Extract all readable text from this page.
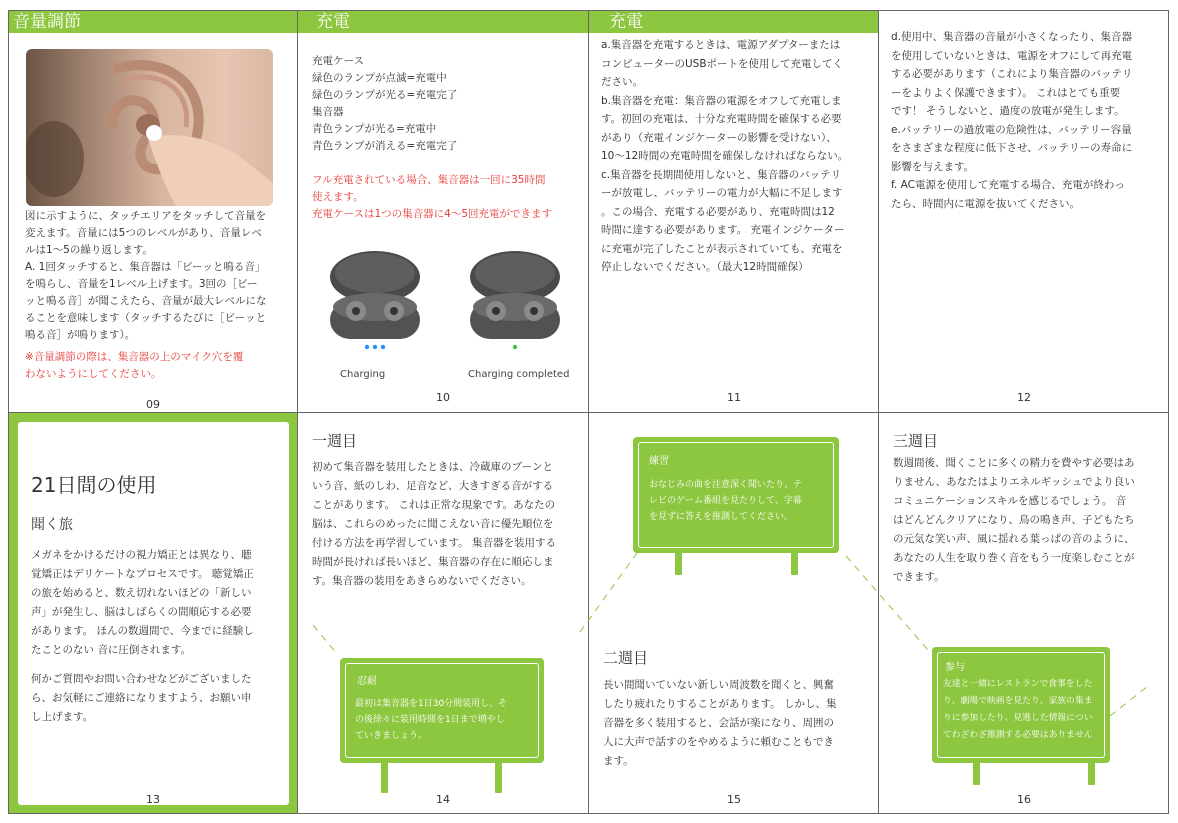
音量調節
図に示すように、タッチエリアをタッチして音量を
変えます。音量には5つのレベルがあり、音量レベ
ルは1～5の繰り返します。
A. 1回タッチすると、集音器は「ビーッと鳴る音」
を鳴らし、音量を1レベル上げます。3回の［ビー
ッと鳴る音］が聞こえたら、音量が最大レベルにな
ることを意味します（タッチするたびに［ビーッと
鳴る音］が鳴ります）。
※音量調節の際は、集音器の上のマイク穴を覆
わないようにしてください。
09
充電
充電ケース
緑色のランプが点滅=充電中
緑色のランプが光る=充電完了
集音器
青色ランプが光る=充電中
青色ランプが消える=充電完了
フル充電されている場合、集音器は一回に35時間
使えます。
充電ケースは1つの集音器に4～5回充電ができます
Charging	Charging completed
10
充電
a.集音器を充電するときは、電源アダプターまたは
コンピューターのUSBポートを使用して充電してく
ださい。
b.集音器を充電：集音器の電源をオフして充電しま
す。初回の充電は、十分な充電時間を確保する必要
があり（充電インジケーターの影響を受けない）、
10～12時間の充電時間を確保しなければならない。
c.集音器を長期間使用しないと、集音器のバッテリ
ーが放電し、バッテリーの電力が大幅に不足します
。この場合、充電する必要があり、充電時間は12
時間に達する必要があります。 充電インジケーター
に充電が完了したことが表示されていても、充電を
停止しないでください。（最大12時間確保）
11
d.使用中、集音器の音量が小さくなったり、集音器
を使用していないときは、電源をオフにして再充電
する必要があります（これにより集音器のバッテリ
ーをよりよく保護できます）。 これはとても重要
です！ そうしないと、過度の放電が発生します。
e.バッテリーの過放電の危険性は、バッテリー容量
をさまざまな程度に低下させ、バッテリーの寿命に
影響を与えます。
f. AC電源を使用して充電する場合、充電が終わっ
たら、時間内に電源を抜いてください。
12
21日間の使用
聞く旅
メガネをかけるだけの視力矯正とは異なり、聴
覚矯正はデリケートなプロセスです。 聴覚矯正
の旅を始めると、数え切れないほどの「新しい
声」が発生し、脳はしばらくの間順応する必要
があります。 ほんの数週間で、今までに経験し
たことのない 音に圧倒されます。
何かご質問やお問い合わせなどがございました
ら、お気軽にご連絡になりますよう、お願い申
し上げます。
13
一週目
初めて集音器を装用したときは、冷蔵庫のブーンと
いう音、紙のしわ、足音など、大きすぎる音がする
ことがあります。 これは正常な現象です。あなたの
脳は、これらのめったに聞こえない音に優先順位を
付ける方法を再学習しています。 集音器を装用する
時間が長ければ長いほど、集音器の存在に順応しま
す。集音器の装用をあきらめないでください。
忍耐
最初は集音器を1日30分間装用し、そ
の後徐々に装用時間を1日まで増やし
ていきましょう。
14
練習
おなじみの曲を注意深く聞いたり、テ
レビのゲーム番組を見たりして、字幕
を見ずに答えを推測してください。
二週目
長い間聞いていない新しい周波数を聞くと、興奮
したり疲れたりすることがあります。 しかし、集
音器を多く装用すると、会話が楽になり、周囲の
人に大声で話すのをやめるように頼むこともでき
ます。
15
三週目
数週間後、聞くことに多くの精力を費やす必要はあ
りません、あなたはよりエネルギッシュでより良い
コミュニケーションスキルを感じるでしょう。 音
はどんどんクリアになり、鳥の鳴き声、子どもたち
の元気な笑い声、風に揺れる葉っぱの音のように、
あなたの人生を取り巻く音をもう一度楽しむことが
できます。
参与
友達と一緒にレストランで食事をした
り、劇場で映画を見たり、家族の集ま
りに参加したり、見逃した情報につい
てわざわざ推測する必要はありません
16
